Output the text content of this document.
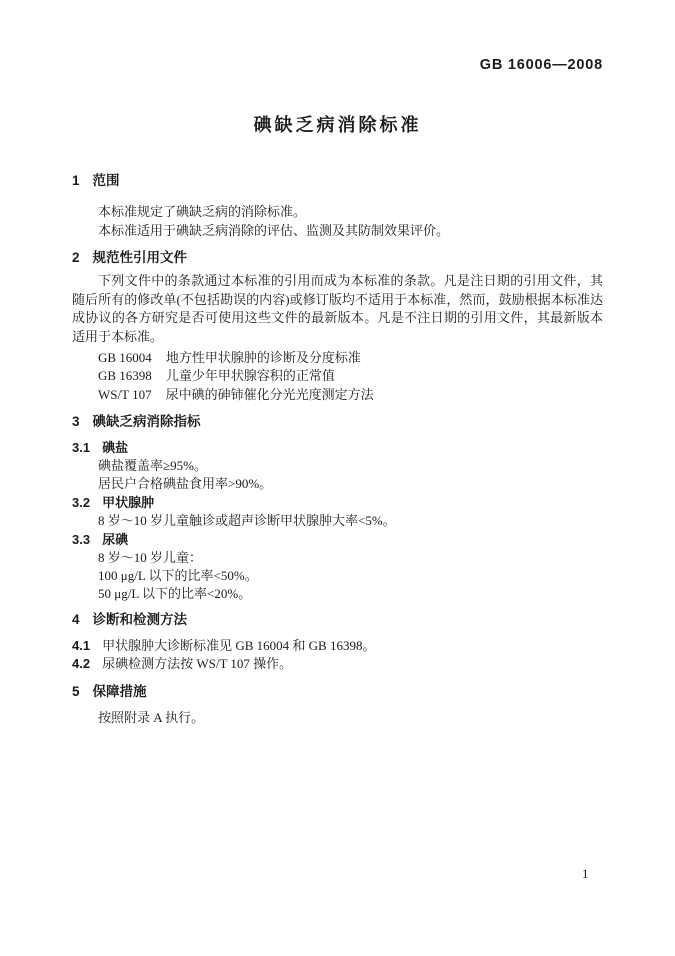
GB 16006—2008
碘缺乏病消除标准
1 范围
本标准规定了碘缺乏病的消除标准。
本标准适用于碘缺乏病消除的评估、监测及其防制效果评价。
2 规范性引用文件
下列文件中的条款通过本标准的引用而成为本标准的条款。凡是注日期的引用文件，其随后所有的修改单(不包括勘误的内容)或修订版均不适用于本标准，然而，鼓励根据本标准达成协议的各方研究是否可使用这些文件的最新版本。凡是不注日期的引用文件，其最新版本适用于本标准。
GB 16004 地方性甲状腺肿的诊断及分度标准
GB 16398 儿童少年甲状腺容积的正常值
WS/T 107 尿中碘的砷铈催化分光光度测定方法
3 碘缺乏病消除指标
3.1 碘盐
碘盐覆盖率≥95%。
居民户合格碘盐食用率>90%。
3.2 甲状腺肿
8 岁～10 岁儿童触诊或超声诊断甲状腺肿大率<5%。
3.3 尿碘
8 岁～10 岁儿童：
100 μg/L 以下的比率<50%。
50 μg/L 以下的比率<20%。
4 诊断和检测方法
4.1 甲状腺肿大诊断标准见 GB 16004 和 GB 16398。
4.2 尿碘检测方法按 WS/T 107 操作。
5 保障措施
按照附录 A 执行。
1
